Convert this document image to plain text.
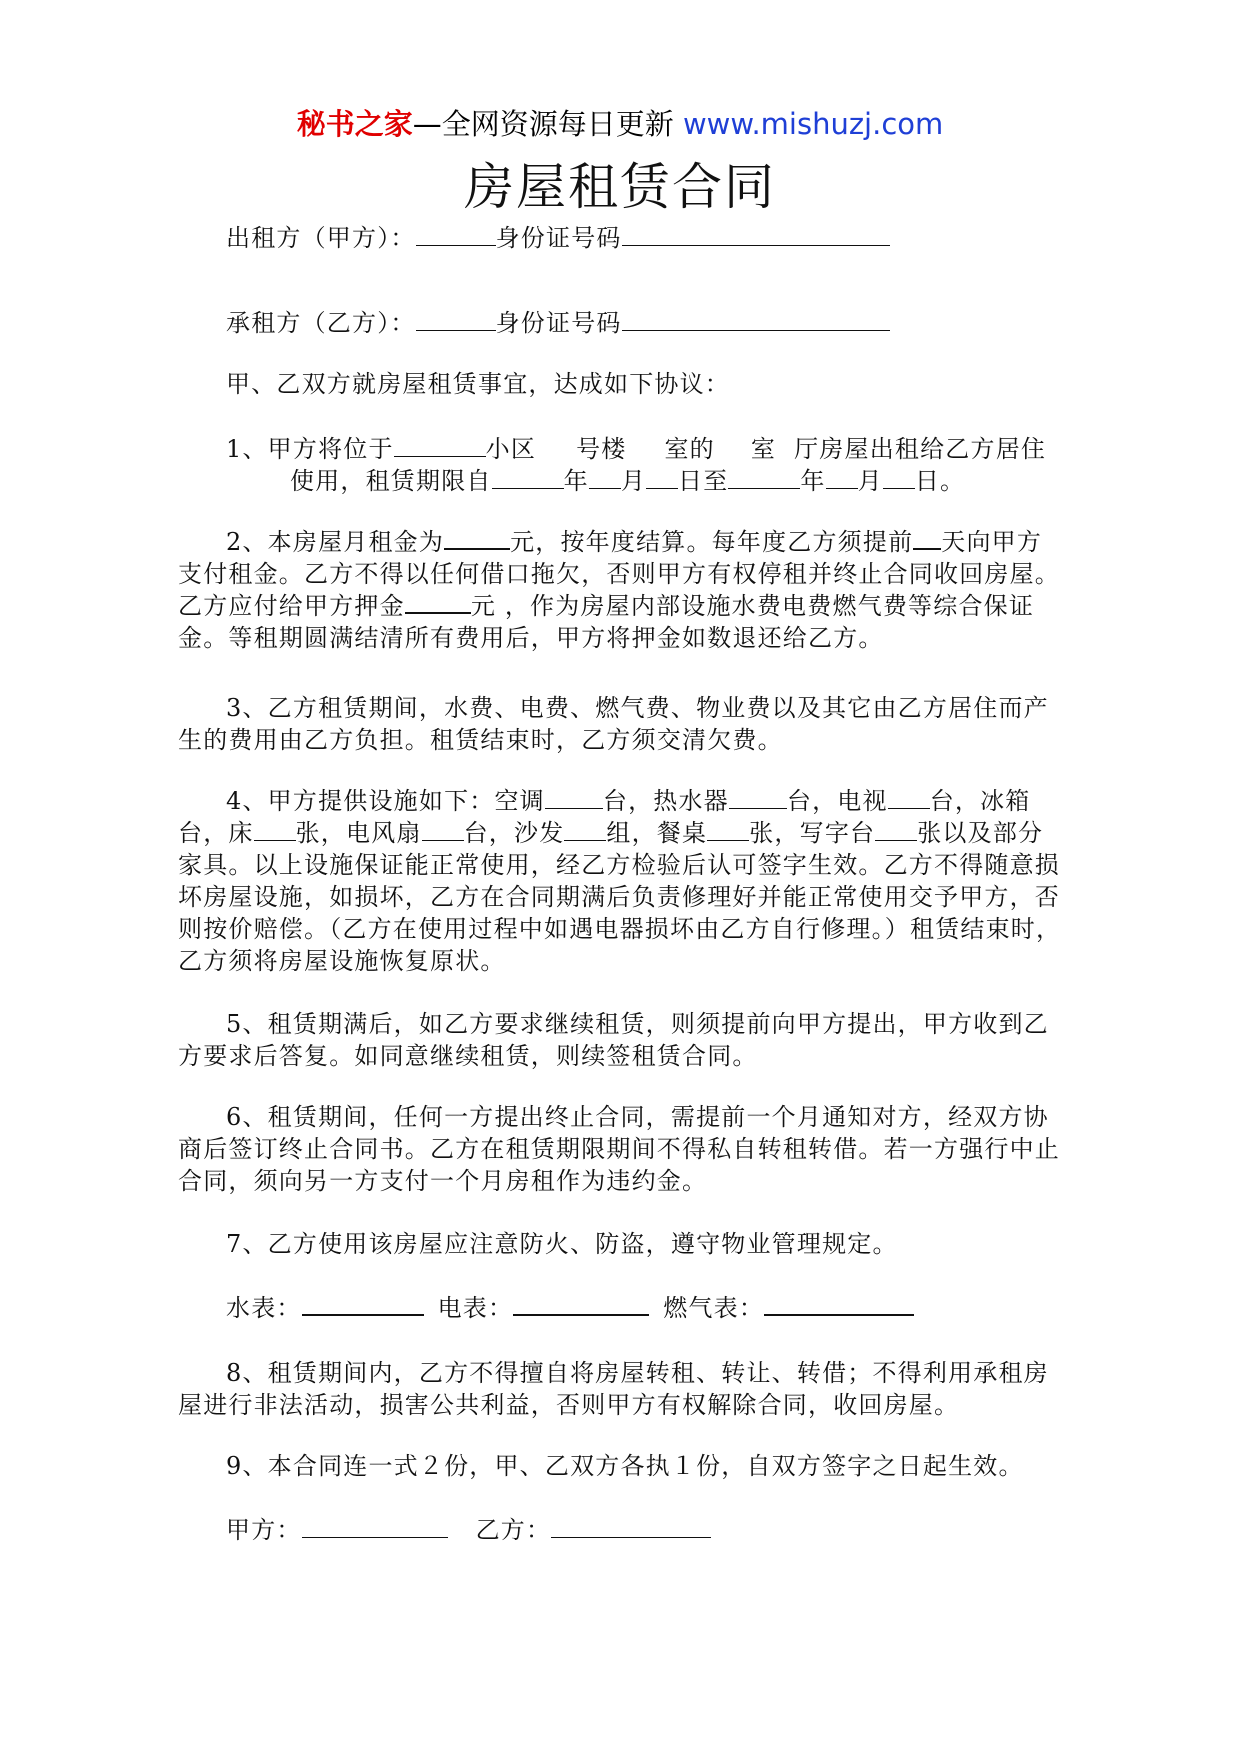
秘书之家—全网资源每日更新 www.mishuzj.com
房屋租赁合同
出租方（甲方）：	身份证号码
承租方（乙方）：	身份证号码
甲、乙双方就房屋租赁事宜，达成如下协议：
1、甲方将位于	小区 号楼 室的 室 厅房屋出租给乙方居住
使用，租赁期限自	年 月 日至	年 月 日。

2、本房屋月租金为	元，按年度结算。每年度乙方须提前 天向甲方支付租金。乙方不得以任何借口拖欠，否则甲方有权停租并终止合同收回房屋。乙方应付给甲方押金	元 ，作为房屋内部设施水费电费燃气费等综合保证金。等租期圆满结清所有费用后，甲方将押金如数退还给乙方。

3、乙方租赁期间，水费、电费、燃气费、物业费以及其它由乙方居住而产生的费用由乙方负担。租赁结束时，乙方须交清欠费。

4、甲方提供设施如下：空调 台，热水器 台，电视 台，冰箱台，床 张，电风扇 台，沙发 组，餐桌 张，写字台 张以及部分家具。以上设施保证能正常使用，经乙方检验后认可签字生效。乙方不得随意损坏房屋设施，如损坏，乙方在合同期满后负责修理好并能正常使用交予甲方，否则按价赔偿。（乙方在使用过程中如遇电器损坏由乙方自行修理。）租赁结束时，乙方须将房屋设施恢复原状。

5、租赁期满后，如乙方要求继续租赁，则须提前向甲方提出，甲方收到乙方要求后答复。如同意继续租赁，则续签租赁合同。

6、租赁期间，任何一方提出终止合同，需提前一个月通知对方，经双方协商后签订终止合同书。乙方在租赁期限期间不得私自转租转借。若一方强行中止合同，须向另一方支付一个月房租作为违约金。

7、乙方使用该房屋应注意防火、防盗，遵守物业管理规定。
水表：	电表：	燃气表：

8、租赁期间内，乙方不得擅自将房屋转租、转让、转借；不得利用承租房屋进行非法活动，损害公共利益，否则甲方有权解除合同，收回房屋。

9、本合同连一式２份，甲、乙双方各执１份，自双方签字之日起生效。
甲方：	乙方：
